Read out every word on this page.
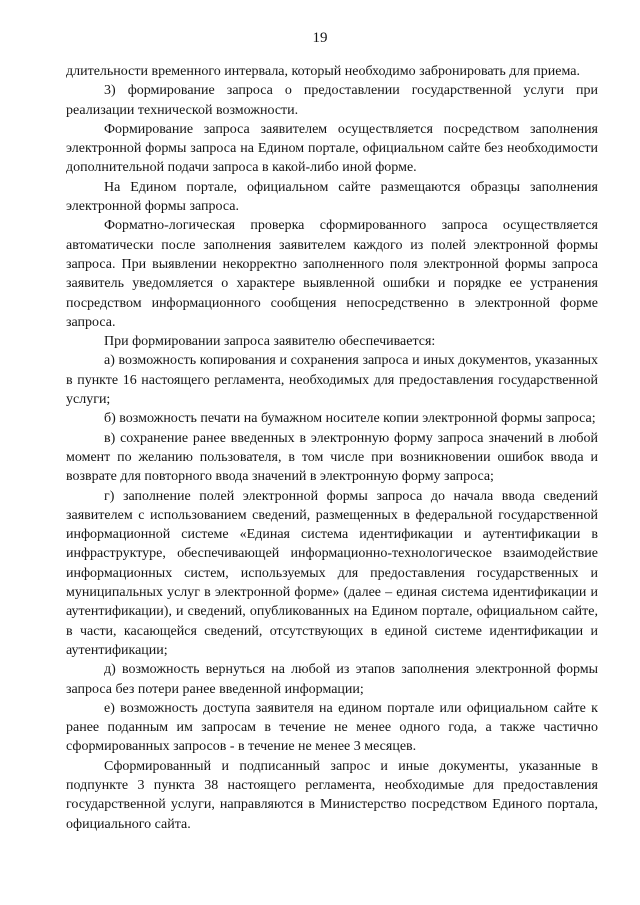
19

длительности временного интервала, который необходимо забронировать для приема.

3) формирование запроса о предоставлении государственной услуги при реализации технической возможности.

Формирование запроса заявителем осуществляется посредством заполнения электронной формы запроса на Едином портале, официальном сайте без необходимости дополнительной подачи запроса в какой-либо иной форме.

На Едином портале, официальном сайте размещаются образцы заполнения электронной формы запроса.

Форматно-логическая проверка сформированного запроса осуществляется автоматически после заполнения заявителем каждого из полей электронной формы запроса. При выявлении некорректно заполненного поля электронной формы запроса заявитель уведомляется о характере выявленной ошибки и порядке ее устранения посредством информационного сообщения непосредственно в электронной форме запроса.

При формировании запроса заявителю обеспечивается:

а) возможность копирования и сохранения запроса и иных документов, указанных в пункте 16 настоящего регламента, необходимых для предоставления государственной услуги;

б) возможность печати на бумажном носителе копии электронной формы запроса;

в) сохранение ранее введенных в электронную форму запроса значений в любой момент по желанию пользователя, в том числе при возникновении ошибок ввода и возврате для повторного ввода значений в электронную форму запроса;

г) заполнение полей электронной формы запроса до начала ввода сведений заявителем с использованием сведений, размещенных в федеральной государственной информационной системе «Единая система идентификации и аутентификации в инфраструктуре, обеспечивающей информационно-технологическое взаимодействие информационных систем, используемых для предоставления государственных и муниципальных услуг в электронной форме» (далее – единая система идентификации и аутентификации), и сведений, опубликованных на Едином портале, официальном сайте, в части, касающейся сведений, отсутствующих в единой системе идентификации и аутентификации;

д) возможность вернуться на любой из этапов заполнения электронной формы запроса без потери ранее введенной информации;

е) возможность доступа заявителя на едином портале или официальном сайте к ранее поданным им запросам в течение не менее одного года, а также частично сформированных запросов - в течение не менее 3 месяцев.

Сформированный и подписанный запрос и иные документы, указанные в подпункте 3 пункта 38 настоящего регламента, необходимые для предоставления государственной услуги, направляются в Министерство посредством Единого портала, официального сайта.
